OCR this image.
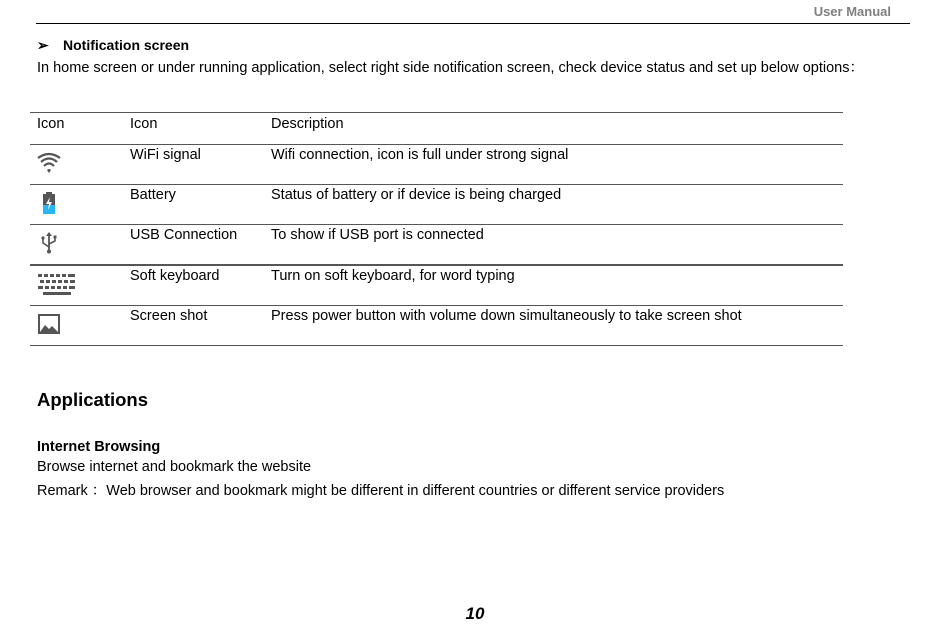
User Manual
➢ Notification screen
In home screen or under running application, select right side notification screen, check device status and set up below options：
Icon	Icon	Description

	WiFi signal	Wifi connection, icon is full under strong signal

	Battery	Status of battery or if device is being charged

	USB Connection	To show if USB port is connected

	Soft keyboard	Turn on soft keyboard, for word typing

	Screen shot	Press power button with volume down simultaneously to take screen shot
Applications
Internet Browsing
Browse internet and bookmark the website
Remark ：Web browser and bookmark might be different in different countries or different service providers
10
